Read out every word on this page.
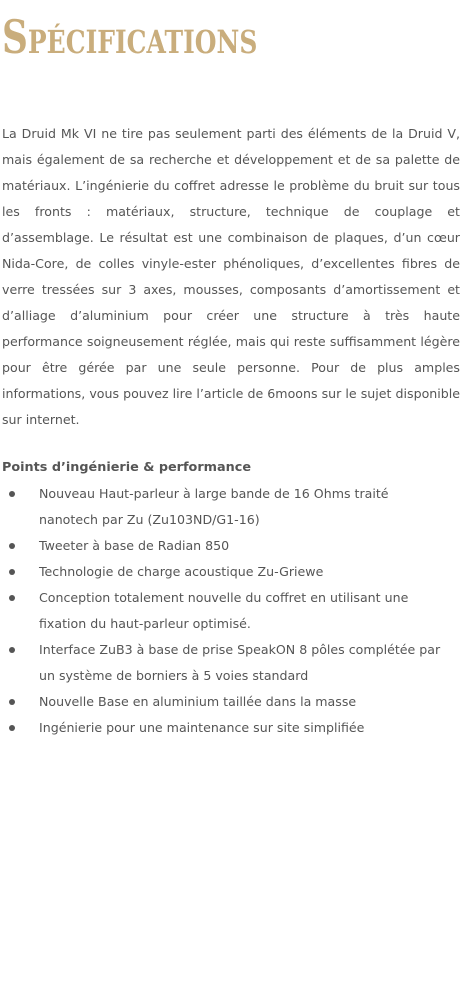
Spécifications

La Druid Mk VI ne tire pas seulement parti des éléments de la Druid V, mais également de sa recherche et développement et de sa palette de matériaux. L’ingénierie du coffret adresse le problème du bruit sur tous les fronts : matériaux, structure, technique de couplage et d’assemblage. Le résultat est une combinaison de plaques, d’un cœur Nida-Core, de colles vinyle-ester phénoliques, d’excellentes fibres de verre tressées sur 3 axes, mousses, composants d’amortissement et d’alliage d’aluminium pour créer une structure à très haute performance soigneusement réglée, mais qui reste suffisamment légère pour être gérée par une seule personne. Pour de plus amples informations, vous pouvez lire l’article de 6moons sur le sujet disponible sur internet.

Points d’ingénierie & performance
Nouveau Haut-parleur à large bande de 16 Ohms traité nanotech par Zu (Zu103ND/G1-16)
Tweeter à base de Radian 850
Technologie de charge acoustique Zu-Griewe
Conception totalement nouvelle du coffret en utilisant une fixation du haut-parleur optimisé.
Interface ZuB3 à base de prise SpeakON 8 pôles complétée par un système de borniers à 5 voies standard
Nouvelle Base en aluminium taillée dans la masse
Ingénierie pour une maintenance sur site simplifiée
